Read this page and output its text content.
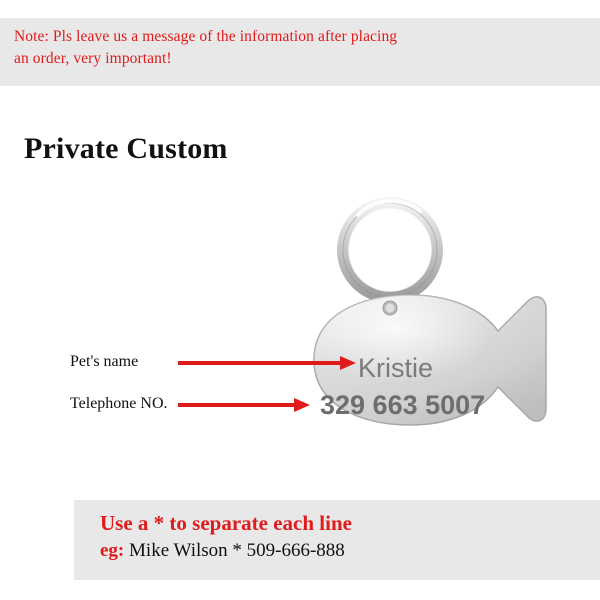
Note: Pls leave us a message of the information after placing
an order, very important!
Private Custom
Kristie
329 663 5007
Pet's name
Telephone NO.
Use a * to separate each line
eg: Mike Wilson * 509-666-888
